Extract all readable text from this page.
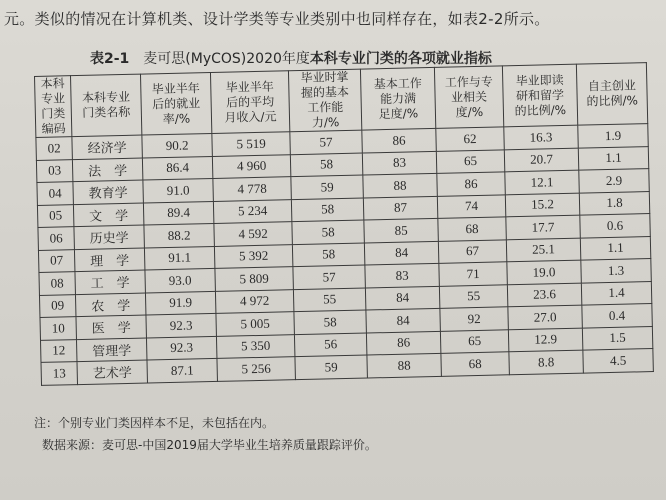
元。类似的情况在计算机类、设计学类等专业类别中也同样存在，如表2-2所示。
表2-1 麦可思(MyCOS)2020年度本科专业门类的各项就业指标
本科
专业
门类
编码	本科专业
门类名称	毕业半年
后的就业
率/%	毕业半年
后的平均
月收入/元	毕业时掌
握的基本
工作能
力/%	基本工作
能力满
足度/%	工作与专
业相关
度/%	毕业即读
研和留学
的比例/%	自主创业
的比例/%
02	经济学	90.2	5 519	57	86	62	16.3	1.9
03	法　学	86.4	4 960	58	83	65	20.7	1.1
04	教育学	91.0	4 778	59	88	86	12.1	2.9
05	文　学	89.4	5 234	58	87	74	15.2	1.8
06	历史学	88.2	4 592	58	85	68	17.7	0.6
07	理　学	91.1	5 392	58	84	67	25.1	1.1
08	工　学	93.0	5 809	57	83	71	19.0	1.3
09	农　学	91.9	4 972	55	84	55	23.6	1.4
10	医　学	92.3	5 005	58	84	92	27.0	0.4
12	管理学	92.3	5 350	56	86	65	12.9	1.5
13	艺术学	87.1	5 256	59	88	68	8.8	4.5
注：个别专业门类因样本不足，未包括在内。
数据来源：麦可思-中国2019届大学毕业生培养质量跟踪评价。
